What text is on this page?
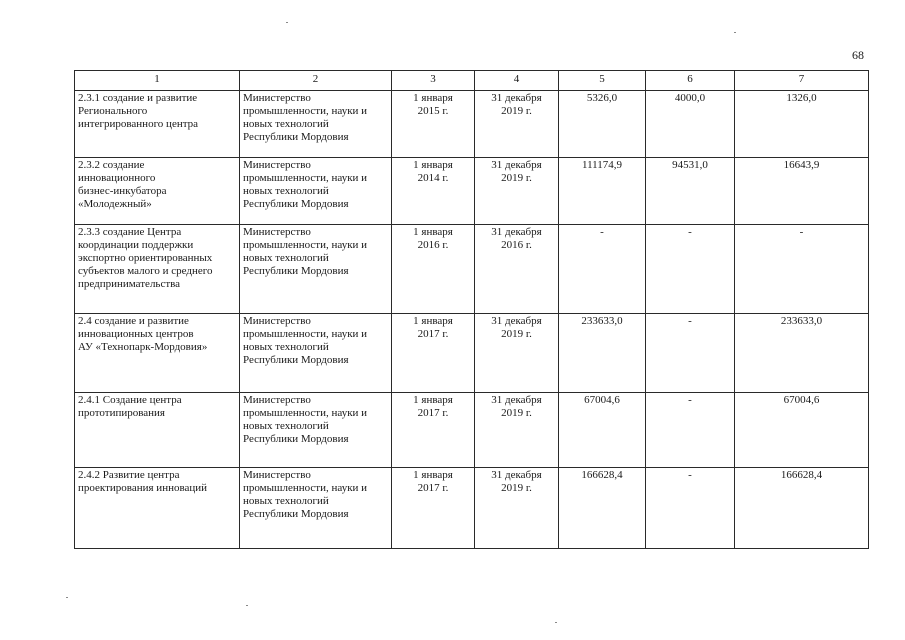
68
1	2	3	4	5	6	7

2.3.1 создание и развитие
Регионального
интегрированного центра	Министерство
промышленности, науки и
новых технологий
Республики Мордовия	1 января
2015 г.	31 декабря
2019 г.	5326,0	4000,0	1326,0

2.3.2 создание
инновационного
бизнес-инкубатора
«Молодежный»	Министерство
промышленности, науки и
новых технологий
Республики Мордовия	1 января
2014 г.	31 декабря
2019 г.	111174,9	94531,0	16643,9

2.3.3 создание Центра
координации поддержки
экспортно ориентированных
субъектов малого и среднего
предпринимательства	Министерство
промышленности, науки и
новых технологий
Республики Мордовия	1 января
2016 г.	31 декабря
2016 г.	-	-	-

2.4 создание и развитие
инновационных центров
АУ «Технопарк-Мордовия»	Министерство
промышленности, науки и
новых технологий
Республики Мордовия	1 января
2017 г.	31 декабря
2019 г.	233633,0	-	233633,0

2.4.1 Создание центра
прототипирования	Министерство
промышленности, науки и
новых технологий
Республики Мордовия	1 января
2017 г.	31 декабря
2019 г.	67004,6	-	67004,6

2.4.2 Развитие центра
проектирования инноваций	Министерство
промышленности, науки и
новых технологий
Республики Мордовия	1 января
2017 г.	31 декабря
2019 г.	166628,4	-	166628,4
